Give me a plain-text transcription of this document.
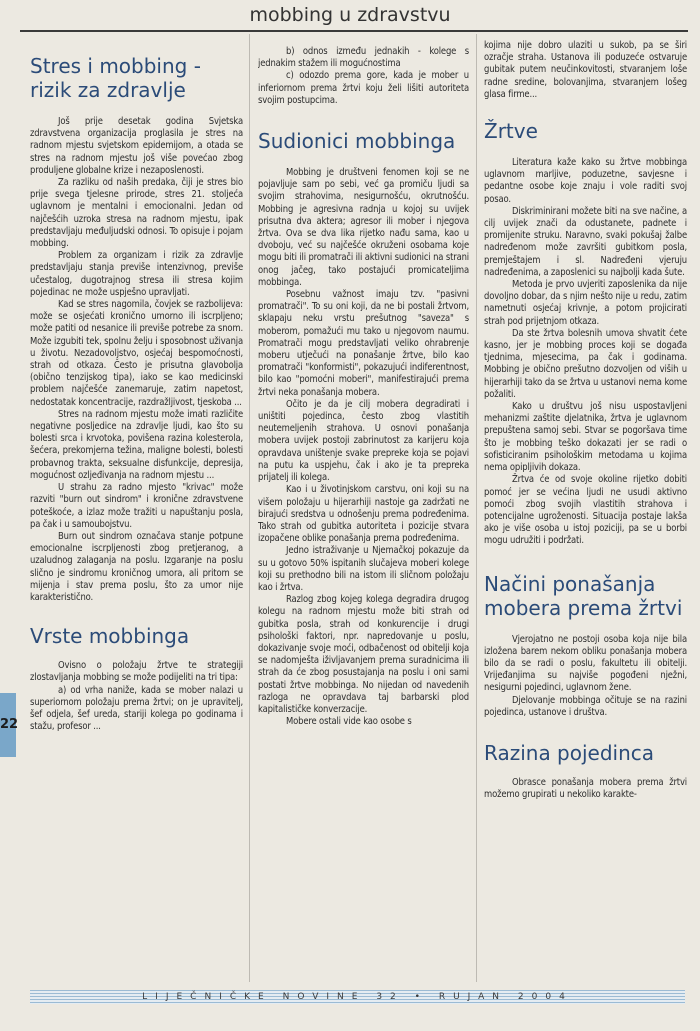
mobbing u zdravstvu
Stres i mobbing - rizik za zdravlje

Još prije desetak godina Svjetska zdravstvena organizacija proglasila je stres na radnom mjestu svjetskom epidemijom, a otada se stres na radnom mjestu još više povećao zbog produljene globalne krize i nezaposlenosti.

Za razliku od naših predaka, čiji je stres bio prije svega tjelesne prirode, stres 21. stoljeća uglavnom je mentalni i emocionalni. Jedan od najčešćih uzroka stresa na radnom mjestu, ipak predstavljaju međuljudski odnosi. To opisuje i pojam mobbing.

Problem za organizam i rizik za zdravlje predstavljaju stanja previše intenzivnog, previše učestalog, dugotrajnog stresa ili stresa kojim pojedinac ne može uspješno upravljati.

Kad se stres nagomila, čovjek se razbolijeva: može se osjećati kronično umorno ili iscrpljeno; može patiti od nesanice ili previše potrebe za snom. Može izgubiti tek, spolnu želju i sposobnost uživanja u životu. Nezadovoljstvo, osjećaj bespomoćnosti, strah od otkaza. Često je prisutna glavobolja (obično tenzijskog tipa), iako se kao medicinski problem najčešće zanemaruje, zatim napetost, nedostatak koncentracije, razdražljivost, tjeskoba ...

Stres na radnom mjestu može imati različite negativne posljedice na zdravlje ljudi, kao što su bolesti srca i krvotoka, povišena razina kolesterola, šećera, prekomjerna težina, maligne bolesti, bolesti probavnog trakta, seksualne disfunkcije, depresija, mogućnost ozljeđivanja na radnom mjestu ...

U strahu za radno mjesto "krivac" može razviti "burn out sindrom" i kronične zdravstvene poteškoće, a izlaz može tražiti u napuštanju posla, pa čak i u samoubojstvu.

Burn out sindrom označava stanje potpune emocionalne iscrpljenosti zbog pretjeranog, a uzaludnog zalaganja na poslu. Izgaranje na poslu slično je sindromu kroničnog umora, ali pritom se mijenja i stav prema poslu, što za umor nije karakteristično.

Vrste mobbinga

Ovisno o položaju žrtve te strategiji zlostavljanja mobbing se može podijeliti na tri tipa:

a) od vrha naniže, kada se mober nalazi u superiornom položaju prema žrtvi; on je upravitelj, šef odjela, šef ureda, stariji kolega po godinama i stažu, profesor ...

b) odnos između jednakih - kolege s jednakim stažem ili mogućnostima

c) odozdo prema gore, kada je mober u inferiornom prema žrtvi koju želi lišiti autoriteta svojim postupcima.

Sudionici mobbinga

Mobbing je društveni fenomen koji se ne pojavljuje sam po sebi, već ga promiču ljudi sa svojim strahovima, nesigurnošću, okrutnošću. Mobbing je agresivna radnja u kojoj su uvijek prisutna dva aktera; agresor ili mober i njegova žrtva. Ova se dva lika rijetko nađu sama, kao u dvoboju, već su najčešće okruženi osobama koje mogu biti ili promatrači ili aktivni sudionici na strani onog jačeg, tako postajući promicateljima mobbinga.

Posebnu važnost imaju tzv. "pasivni promatrači". To su oni koji, da ne bi postali žrtvom, sklapaju neku vrstu prešutnog "saveza" s moberom, pomažući mu tako u njegovom naumu. Promatrači mogu predstavljati veliko ohrabrenje moberu utječući na ponašanje žrtve, bilo kao promatrači "konformisti", pokazujući indiferentnost, bilo kao "pomoćni moberi", manifestirajući prema žrtvi neka ponašanja mobera.

Očito je da je cilj mobera degradirati i uništiti pojedinca, često zbog vlastitih neutemeljenih strahova. U osnovi ponašanja mobera uvijek postoji zabrinutost za karijeru koja opravdava uništenje svake prepreke koja se pojavi na putu ka uspjehu, čak i ako je ta prepreka prijatelj ili kolega.

Kao i u životinjskom carstvu, oni koji su na višem položaju u hijerarhiji nastoje ga zadržati ne birajući sredstva u odnošenju prema podređenima. Tako strah od gubitka autoriteta i pozicije stvara izopačene oblike ponašanja prema podređenima.

Jedno istraživanje u Njemačkoj pokazuje da su u gotovo 50% ispitanih slučajeva moberi kolege koji su prethodno bili na istom ili sličnom položaju kao i žrtva.

Razlog zbog kojeg kolega degradira drugog kolegu na radnom mjestu može biti strah od gubitka posla, strah od konkurencije i drugi psihološki faktori, npr. napredovanje u poslu, dokazivanje svoje moći, odbačenost od obitelji koja se nadomješta iživljavanjem prema suradnicima ili strah da će zbog posustajanja na poslu i oni sami postati žrtve mobbinga. No nijedan od navedenih razloga ne opravdava taj barbarski plod kapitalističke konverzacije.

Mobere ostali vide kao osobe s

kojima nije dobro ulaziti u sukob, pa se širi ozračje straha. Ustanova ili poduzeće ostvaruje gubitak putem neučinkovitosti, stvaranjem loše radne sredine, bolovanjima, stvaranjem lošeg glasa firme...

Žrtve

Literatura kaže kako su žrtve mobbinga uglavnom marljive, poduzetne, savjesne i pedantne osobe koje znaju i vole raditi svoj posao.

Diskriminirani možete biti na sve načine, a cilj uvijek znači da odustanete, padnete i promijenite struku. Naravno, svaki pokušaj žalbe nadređenom može završiti gubitkom posla, premještajem i sl. Nadređeni vjeruju nadređenima, a zaposlenici su najbolji kada šute.

Metoda je prvo uvjeriti zaposlenika da nije dovoljno dobar, da s njim nešto nije u redu, zatim nametnuti osjećaj krivnje, a potom projicirati strah pod prijetnjom otkaza.

Da ste žrtva bolesnih umova shvatit ćete kasno, jer je mobbing proces koji se događa tjednima, mjesecima, pa čak i godinama. Mobbing je obično prešutno dozvoljen od viših u hijerarhiji tako da se žrtva u ustanovi nema kome požaliti.

Kako u društvu još nisu uspostavljeni mehanizmi zaštite djelatnika, žrtva je uglavnom prepuštena samoj sebi. Stvar se pogoršava time što je mobbing teško dokazati jer se radi o sofisticiranim psihološkim metodama u kojima nema opipljivih dokaza.

Žrtva će od svoje okoline rijetko dobiti pomoć jer se većina ljudi ne usudi aktivno pomoći zbog svojih vlastitih strahova i potencijalne ugroženosti. Situacija postaje lakša ako je više osoba u istoj poziciji, pa se u borbi mogu udružiti i podržati.

Načini ponašanja mobera prema žrtvi

Vjerojatno ne postoji osoba koja nije bila izložena barem nekom obliku ponašanja mobera bilo da se radi o poslu, fakultetu ili obitelji. Vrijeđanjima su najviše pogođeni nježni, nesigurni pojedinci, uglavnom žene.

Djelovanje mobbinga očituje se na razini pojedinca, ustanove i društva.

Razina pojedinca

Obrasce ponašanja mobera prema žrtvi možemo grupirati u nekoliko karakte-

22
LIJEČNIČKE NOVINE 32 • RUJAN 2004
